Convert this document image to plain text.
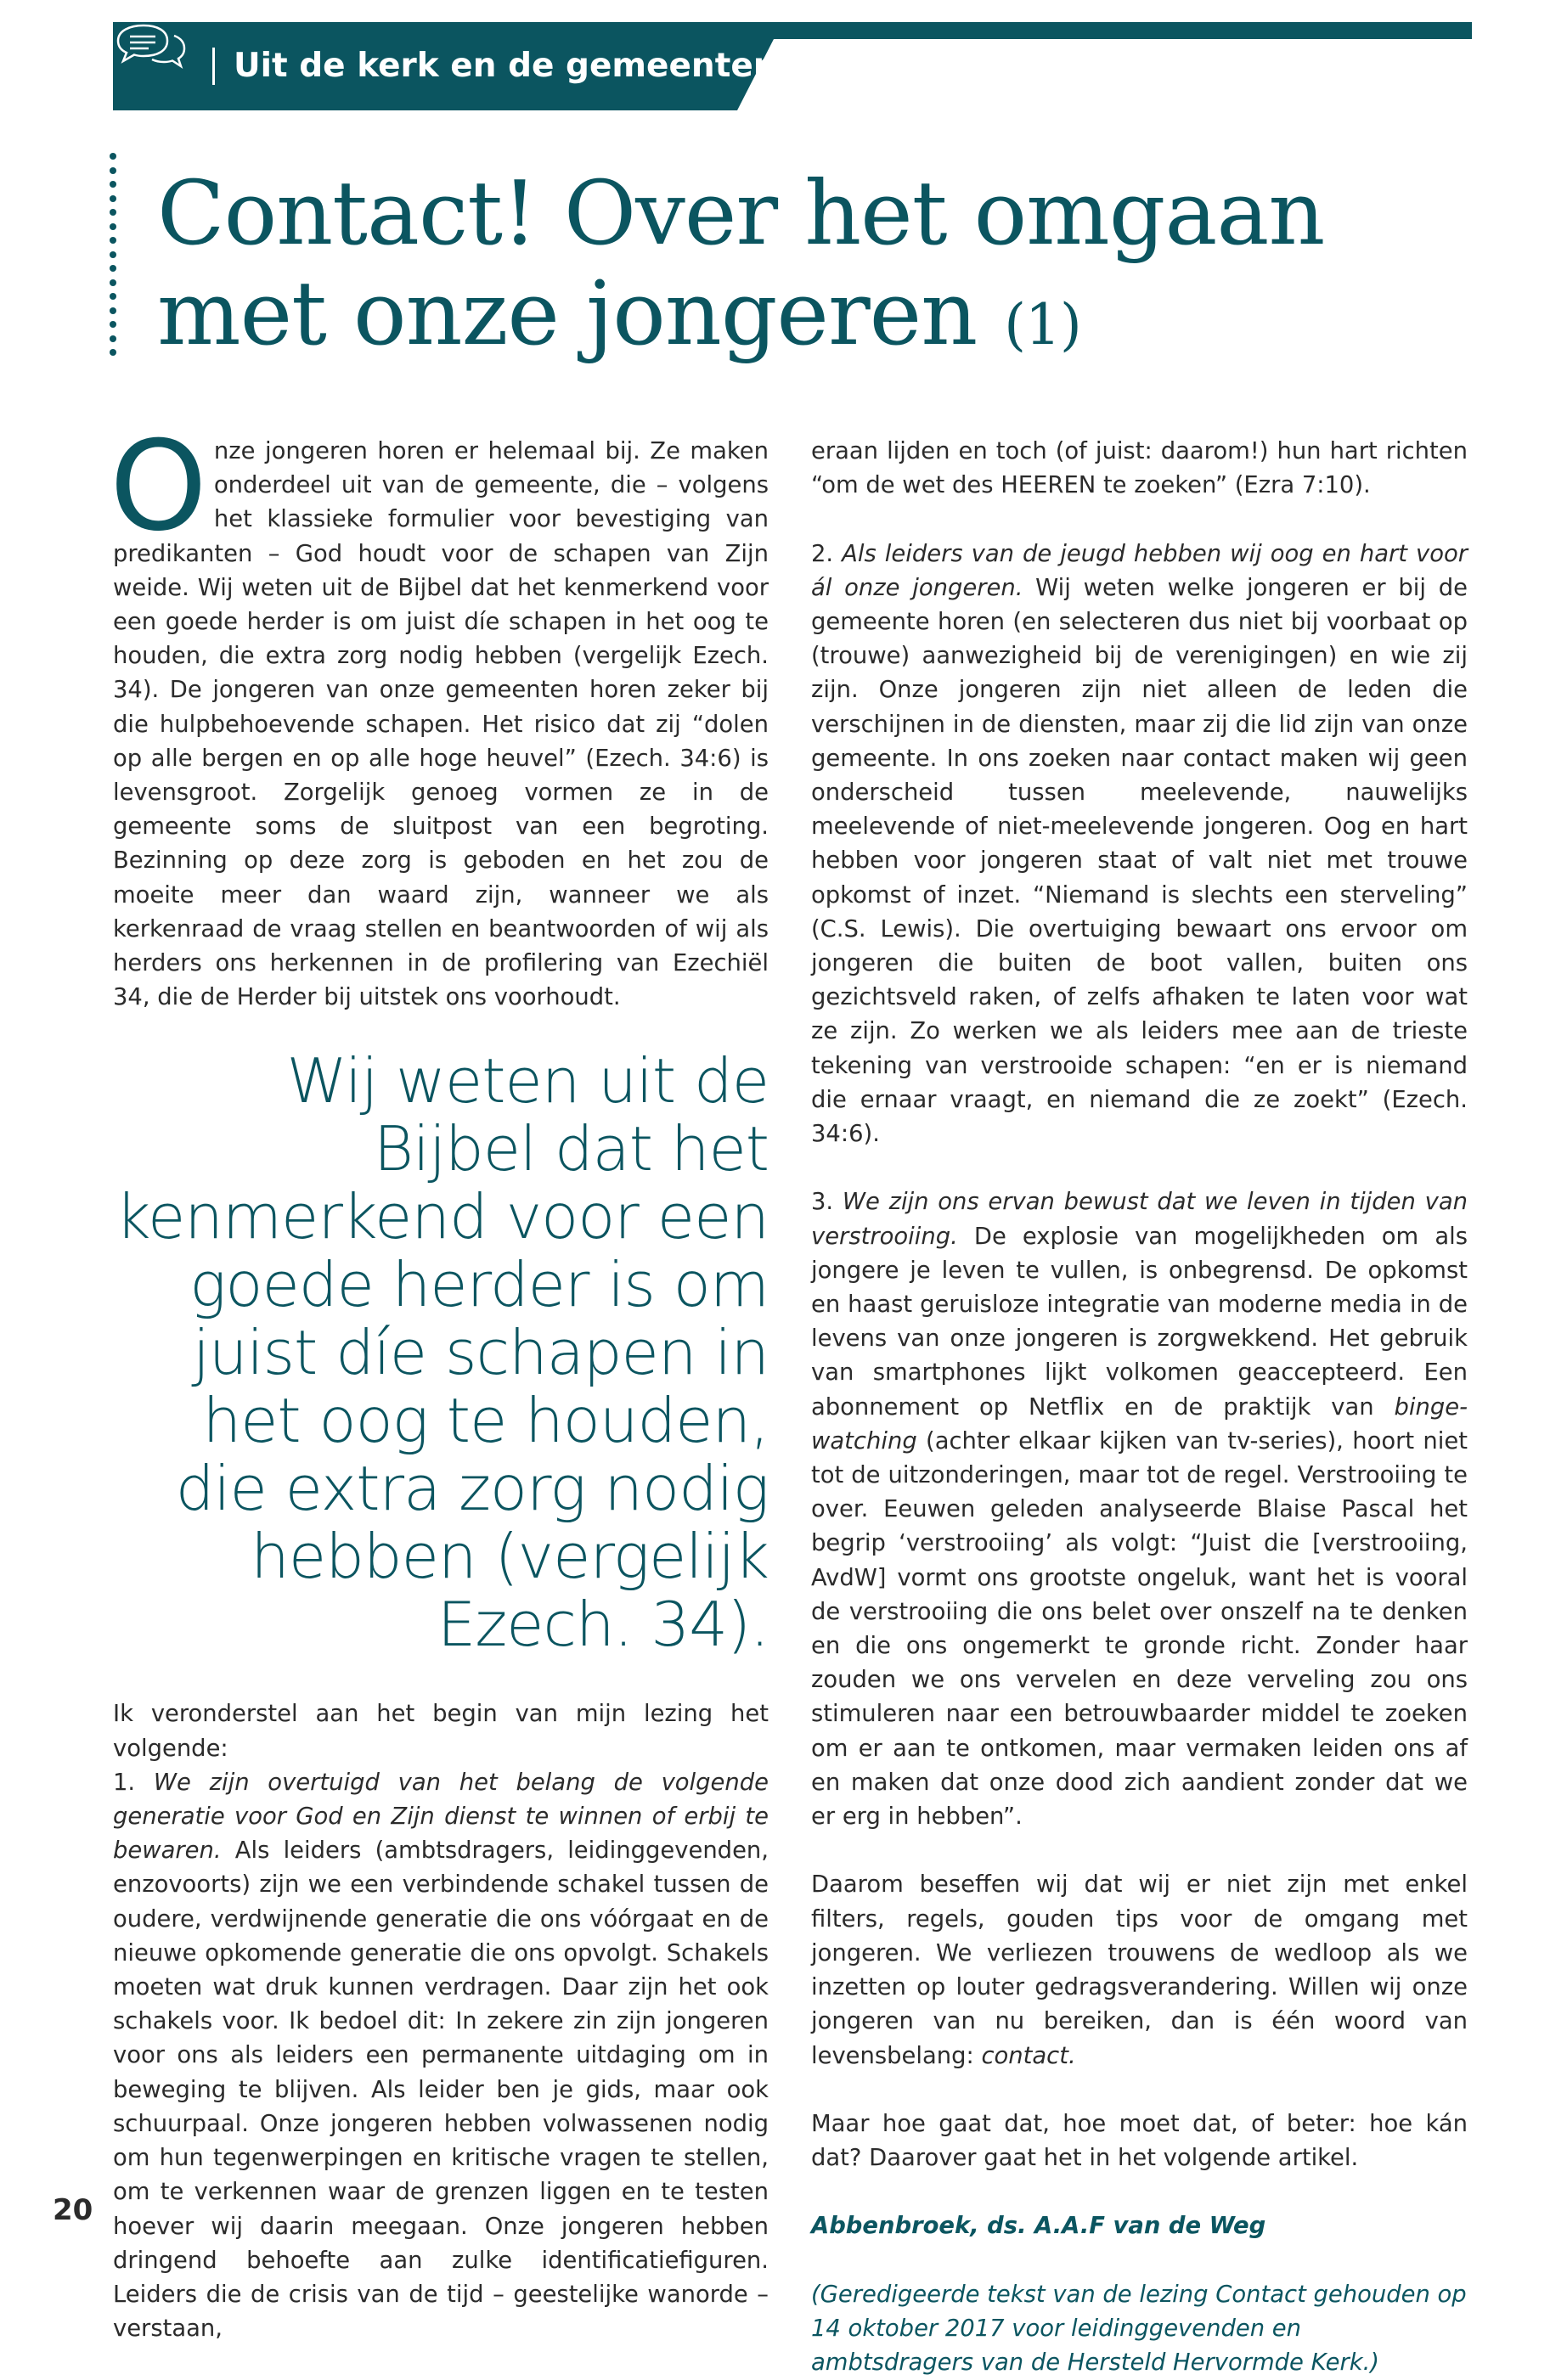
Uit de kerk en de gemeenten
Contact! Over het omgaan
met onze jongeren (1)

Onze jongeren horen er helemaal bij. Ze maken onderdeel uit van de gemeente, die – volgens het klassieke formulier voor bevestiging van predikanten – God houdt voor de schapen van Zijn weide. Wij weten uit de Bijbel dat het kenmerkend voor een goede herder is om juist díe schapen in het oog te houden, die extra zorg nodig hebben (vergelijk Ezech. 34). De jongeren van onze gemeenten horen zeker bij die hulpbehoevende schapen. Het risico dat zij “dolen op alle bergen en op alle hoge heuvel” (Ezech. 34:6) is levensgroot. Zorgelijk genoeg vormen ze in de gemeente soms de sluitpost van een begroting. Bezinning op deze zorg is geboden en het zou de moeite meer dan waard zijn, wanneer we als kerkenraad de vraag stellen en beantwoorden of wij als herders ons herkennen in de profilering van Ezechiël 34, die de Herder bij uitstek ons voorhoudt.

Wij weten uit de Bijbel dat het kenmerkend voor een goede herder is om juist díe schapen in het oog te houden, die extra zorg nodig hebben (vergelijk Ezech. 34).

Ik veronderstel aan het begin van mijn lezing het volgende:
1. We zijn overtuigd van het belang de volgende generatie voor God en Zijn dienst te winnen of erbij te bewaren. Als leiders (ambtsdragers, leidinggevenden, enzovoorts) zijn we een verbindende schakel tussen de oudere, verdwijnende generatie die ons vóórgaat en de nieuwe opkomende generatie die ons opvolgt. Schakels moeten wat druk kunnen verdragen. Daar zijn het ook schakels voor. Ik bedoel dit: In zekere zin zijn jongeren voor ons als leiders een permanente uitdaging om in beweging te blijven. Als leider ben je gids, maar ook schuurpaal. Onze jongeren hebben volwassenen nodig om hun tegenwerpingen en kritische vragen te stellen, om te verkennen waar de grenzen liggen en te testen hoever wij daarin meegaan. Onze jongeren hebben dringend behoefte aan zulke identificatiefiguren. Leiders die de crisis van de tijd – geestelijke wanorde – verstaan,

eraan lijden en toch (of juist: daarom!) hun hart richten “om de wet des HEEREN te zoeken” (Ezra 7:10).

2. Als leiders van de jeugd hebben wij oog en hart voor ál onze jongeren. Wij weten welke jongeren er bij de gemeente horen (en selecteren dus niet bij voorbaat op (trouwe) aanwezigheid bij de verenigingen) en wie zij zijn. Onze jongeren zijn niet alleen de leden die verschijnen in de diensten, maar zij die lid zijn van onze gemeente. In ons zoeken naar contact maken wij geen onderscheid tussen meelevende, nauwelijks meelevende of niet-meelevende jongeren. Oog en hart hebben voor jongeren staat of valt niet met trouwe opkomst of inzet. “Niemand is slechts een sterveling” (C.S. Lewis). Die overtuiging bewaart ons ervoor om jongeren die buiten de boot vallen, buiten ons gezichtsveld raken, of zelfs afhaken te laten voor wat ze zijn. Zo werken we als leiders mee aan de trieste tekening van verstrooide schapen: “en er is niemand die ernaar vraagt, en niemand die ze zoekt” (Ezech. 34:6).

3. We zijn ons ervan bewust dat we leven in tijden van verstrooiing. De explosie van mogelijkheden om als jongere je leven te vullen, is onbegrensd. De opkomst en haast geruisloze integratie van moderne media in de levens van onze jongeren is zorgwekkend. Het gebruik van smartphones lijkt volkomen geaccepteerd. Een abonnement op Netflix en de praktijk van binge-watching (achter elkaar kijken van tv-series), hoort niet tot de uitzonderingen, maar tot de regel. Verstrooiing te over. Eeuwen geleden analyseerde Blaise Pascal het begrip ‘verstrooiing’ als volgt: “Juist die [verstrooiing, AvdW] vormt ons grootste ongeluk, want het is vooral de verstrooiing die ons belet over onszelf na te denken en die ons ongemerkt te gronde richt. Zonder haar zouden we ons vervelen en deze verveling zou ons stimuleren naar een betrouwbaarder middel te zoeken om er aan te ontkomen, maar vermaken leiden ons af en maken dat onze dood zich aandient zonder dat we er erg in hebben”.

Daarom beseffen wij dat wij er niet zijn met enkel filters, regels, gouden tips voor de omgang met jongeren. We verliezen trouwens de wedloop als we inzetten op louter gedragsverandering. Willen wij onze jongeren van nu bereiken, dan is één woord van levensbelang: contact.

Maar hoe gaat dat, hoe moet dat, of beter: hoe kán dat? Daarover gaat het in het volgende artikel.

Abbenbroek, ds. A.A.F van de Weg

(Geredigeerde tekst van de lezing Contact gehouden op 14 oktober 2017 voor leidinggevenden en ambtsdragers van de Hersteld Hervormde Kerk.)

20
